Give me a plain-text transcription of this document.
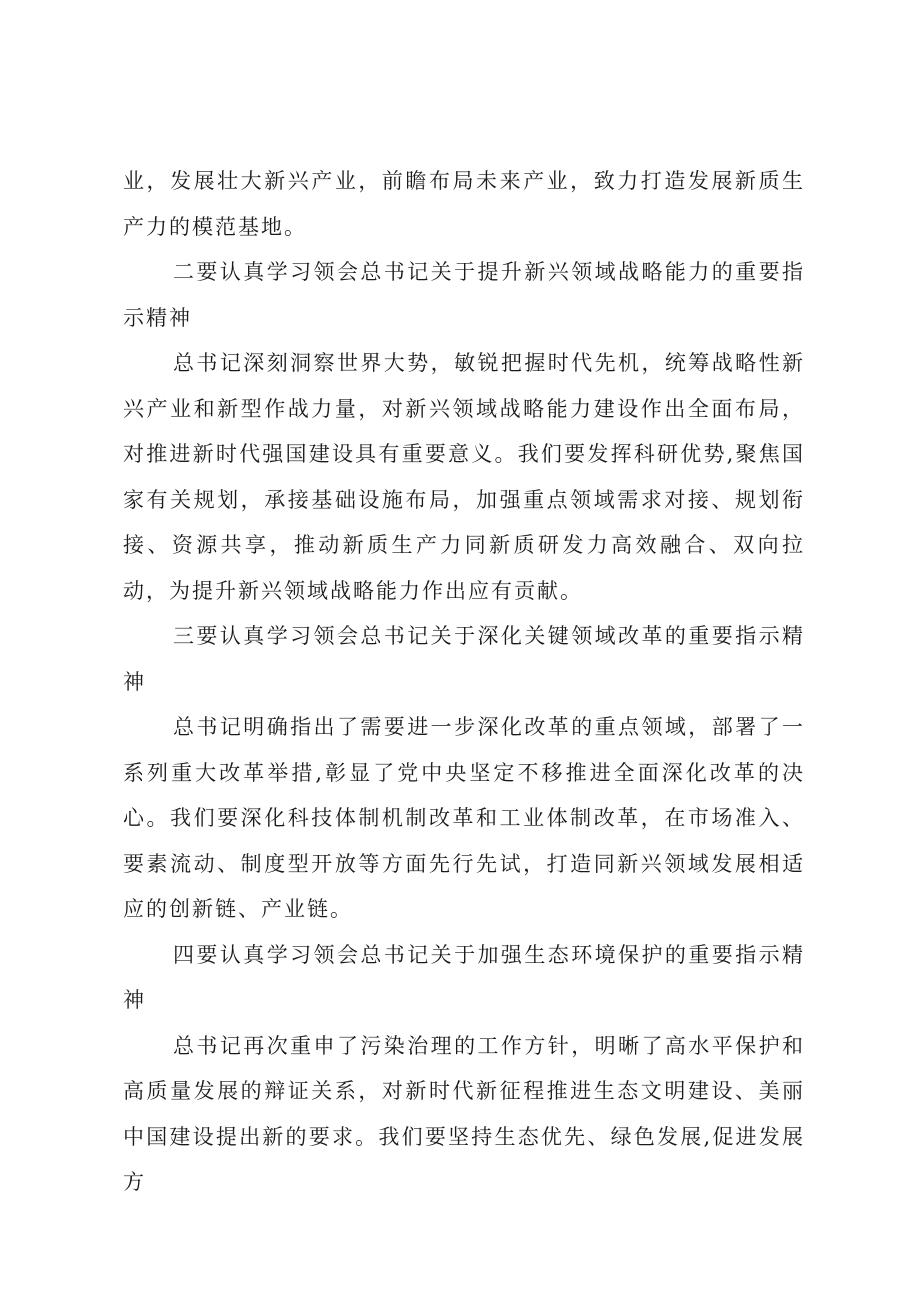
业，发展壮大新兴产业，前瞻布局未来产业，致力打造发展新质生产力的模范基地。

二要认真学习领会总书记关于提升新兴领域战略能力的重要指示精神

总书记深刻洞察世界大势，敏锐把握时代先机，统筹战略性新兴产业和新型作战力量，对新兴领域战略能力建设作出全面布局，对推进新时代强国建设具有重要意义。我们要发挥科研优势,聚焦国家有关规划，承接基础设施布局，加强重点领域需求对接、规划衔接、资源共享，推动新质生产力同新质研发力高效融合、双向拉动，为提升新兴领域战略能力作出应有贡献。

三要认真学习领会总书记关于深化关键领域改革的重要指示精神

总书记明确指出了需要进一步深化改革的重点领域，部署了一系列重大改革举措,彰显了党中央坚定不移推进全面深化改革的决心。我们要深化科技体制机制改革和工业体制改革，在市场准入、要素流动、制度型开放等方面先行先试，打造同新兴领域发展相适应的创新链、产业链。

四要认真学习领会总书记关于加强生态环境保护的重要指示精神

总书记再次重申了污染治理的工作方针，明晰了高水平保护和高质量发展的辩证关系，对新时代新征程推进生态文明建设、美丽中国建设提出新的要求。我们要坚持生态优先、绿色发展,促进发展方
